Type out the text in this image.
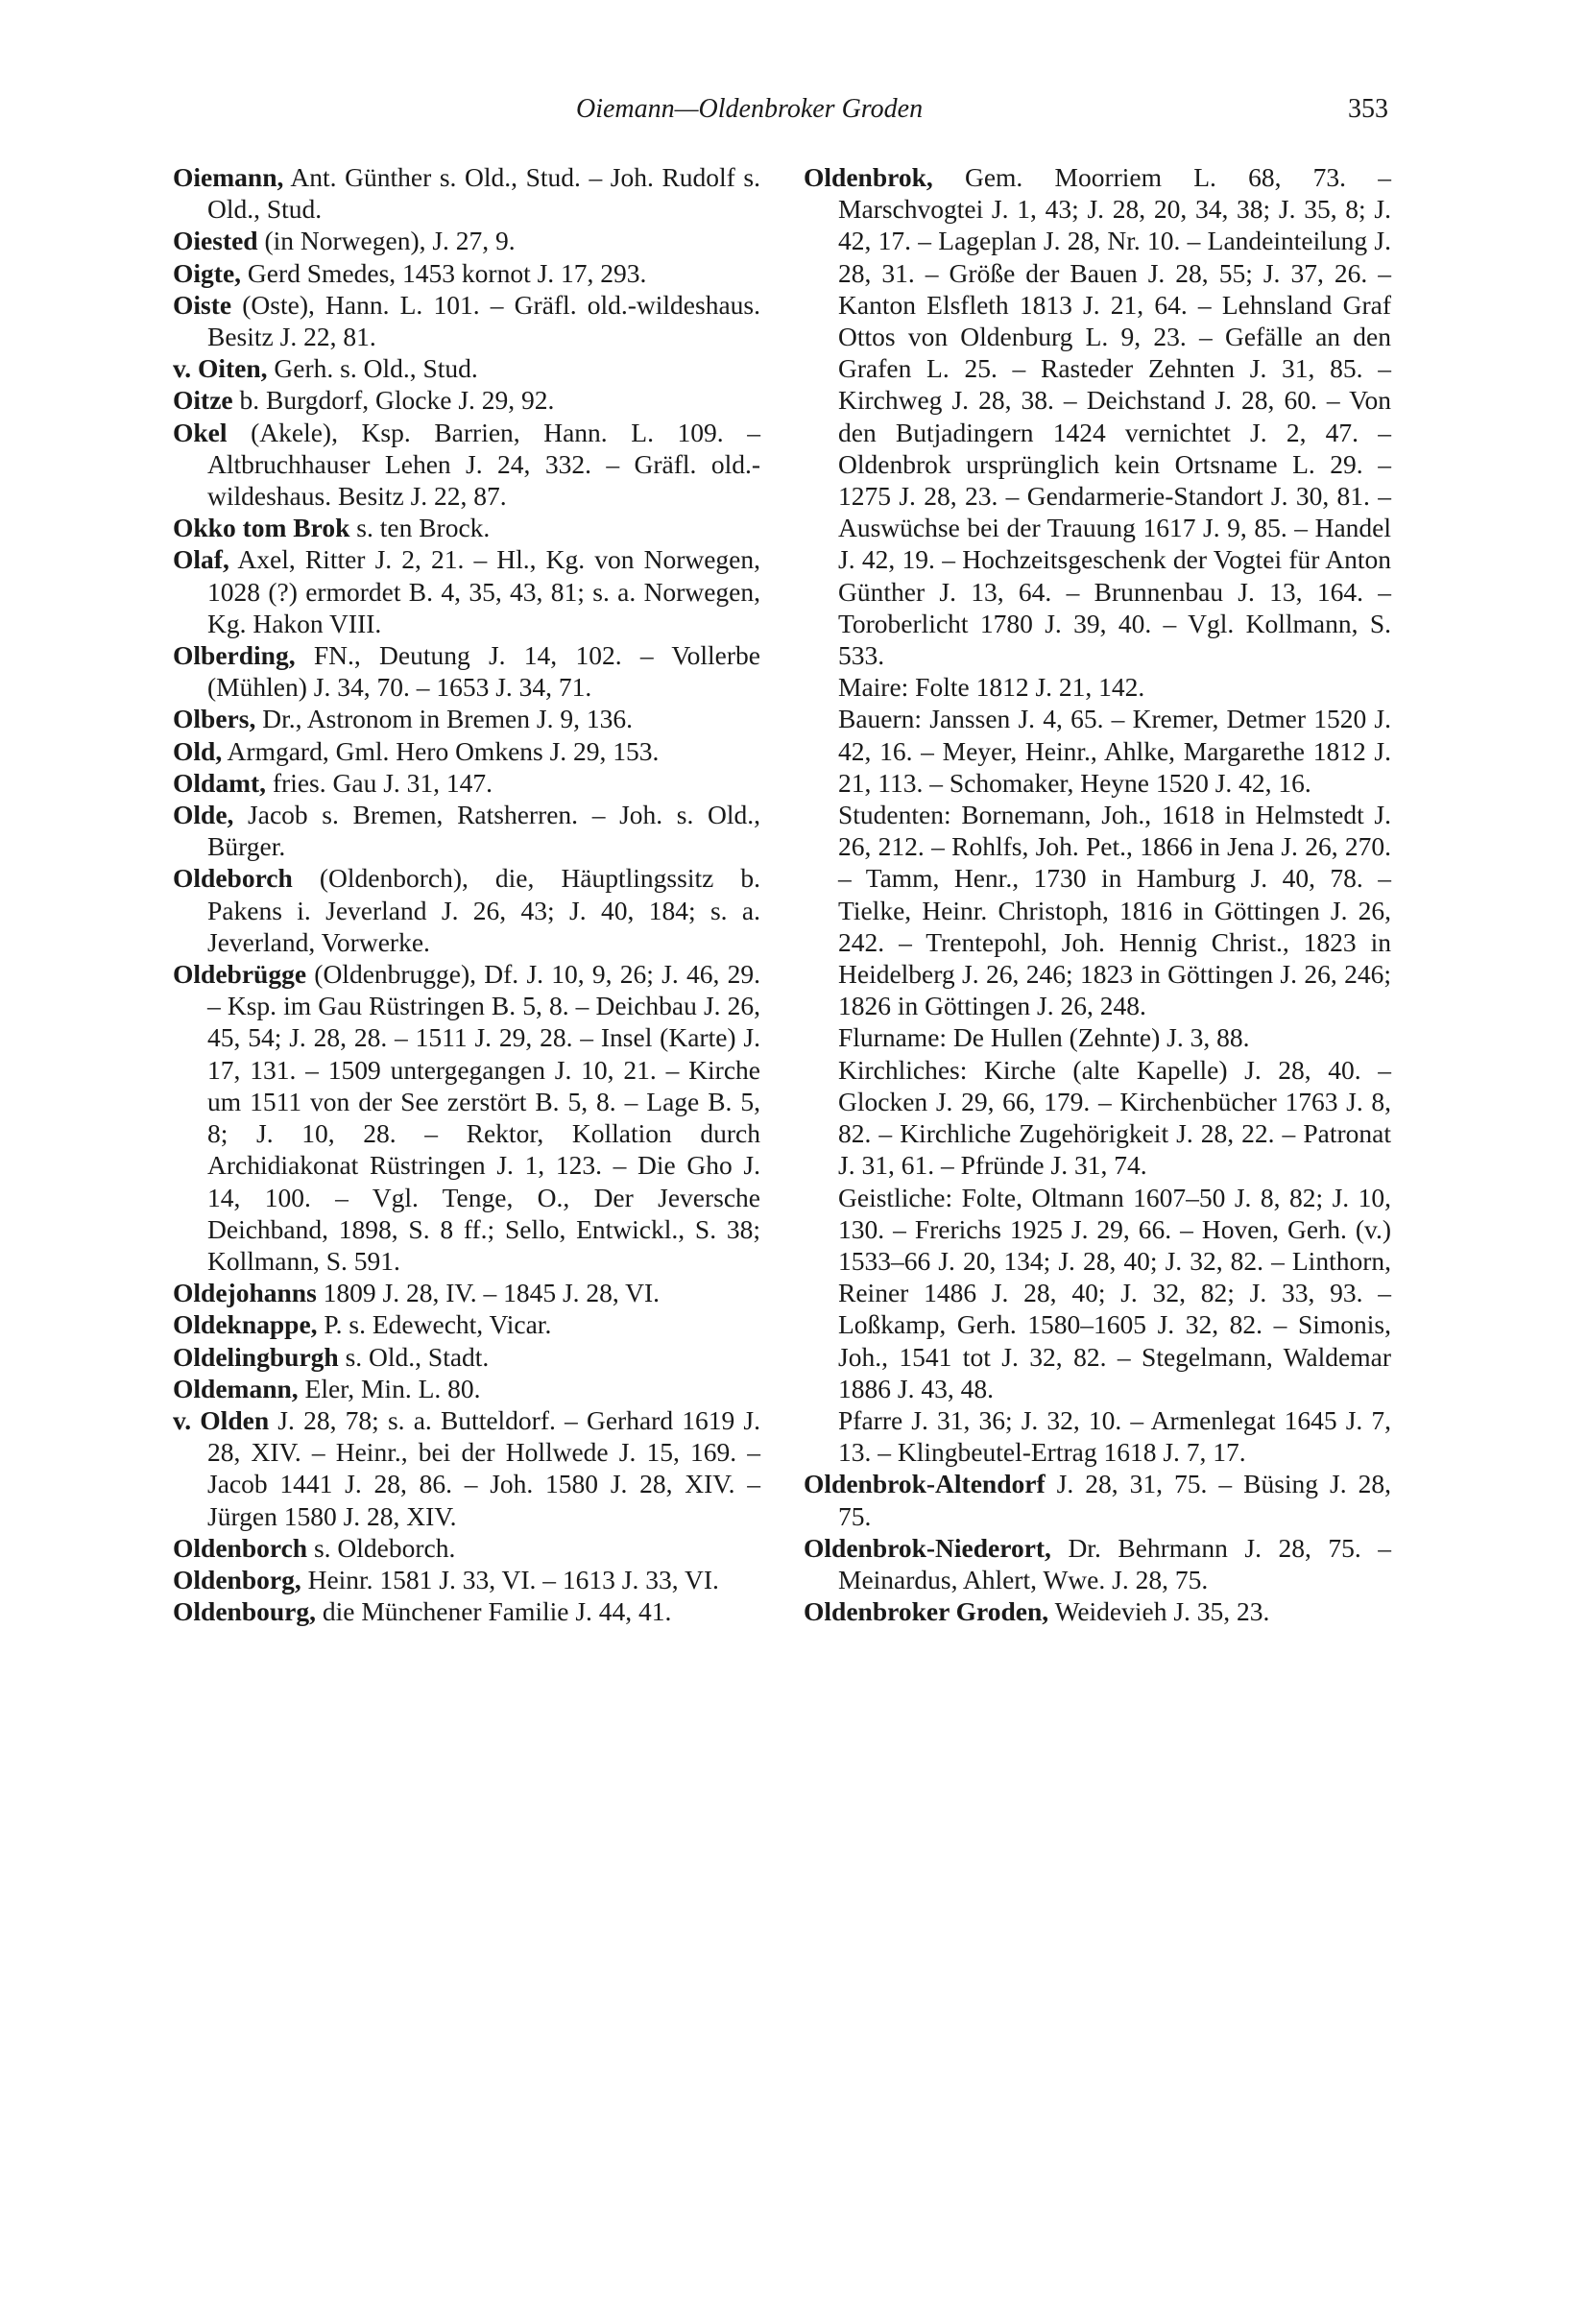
Oiemann—Oldenbroker Groden	353

Oiemann, Ant. Günther s. Old., Stud. – Joh. Rudolf s. Old., Stud.

Oiested (in Norwegen), J. 27, 9.

Oigte, Gerd Smedes, 1453 kornot J. 17, 293.

Oiste (Oste), Hann. L. 101. – Gräfl. old.-wildeshaus. Besitz J. 22, 81.

v. Oiten, Gerh. s. Old., Stud.

Oitze b. Burgdorf, Glocke J. 29, 92.

Okel (Akele), Ksp. Barrien, Hann. L. 109. – Altbruchhauser Lehen J. 24, 332. – Gräfl. old.-wildeshaus. Besitz J. 22, 87.

Okko tom Brok s. ten Brock.

Olaf, Axel, Ritter J. 2, 21. – Hl., Kg. von Norwegen, 1028 (?) ermordet B. 4, 35, 43, 81; s. a. Norwegen, Kg. Hakon VIII.

Olberding, FN., Deutung J. 14, 102. – Vollerbe (Mühlen) J. 34, 70. – 1653 J. 34, 71.

Olbers, Dr., Astronom in Bremen J. 9, 136.

Old, Armgard, Gml. Hero Omkens J. 29, 153.

Oldamt, fries. Gau J. 31, 147.

Olde, Jacob s. Bremen, Ratsherren. – Joh. s. Old., Bürger.

Oldeborch (Oldenborch), die, Häuptlingssitz b. Pakens i. Jeverland J. 26, 43; J. 40, 184; s. a. Jeverland, Vorwerke.

Oldebrügge (Oldenbrugge), Df. J. 10, 9, 26; J. 46, 29. – Ksp. im Gau Rüstringen B. 5, 8. – Deichbau J. 26, 45, 54; J. 28, 28. – 1511 J. 29, 28. – Insel (Karte) J. 17, 131. – 1509 untergegangen J. 10, 21. – Kirche um 1511 von der See zerstört B. 5, 8. – Lage B. 5, 8; J. 10, 28. – Rektor, Kollation durch Archidiakonat Rüstringen J. 1, 123. – Die Gho J. 14, 100. – Vgl. Tenge, O., Der Jeversche Deichband, 1898, S. 8 ff.; Sello, Entwickl., S. 38; Kollmann, S. 591.

Oldejohanns 1809 J. 28, IV. – 1845 J. 28, VI.

Oldeknappe, P. s. Edewecht, Vicar.

Oldelingburgh s. Old., Stadt.

Oldemann, Eler, Min. L. 80.

v. Olden J. 28, 78; s. a. Butteldorf. – Gerhard 1619 J. 28, XIV. – Heinr., bei der Hollwede J. 15, 169. – Jacob 1441 J. 28, 86. – Joh. 1580 J. 28, XIV. – Jürgen 1580 J. 28, XIV.

Oldenborch s. Oldeborch.

Oldenborg, Heinr. 1581 J. 33, VI. – 1613 J. 33, VI.

Oldenbourg, die Münchener Familie J. 44, 41.

Oldenbrok, Gem. Moorriem L. 68, 73. – Marschvogtei J. 1, 43; J. 28, 20, 34, 38; J. 35, 8; J. 42, 17. – Lageplan J. 28, Nr. 10. – Landeinteilung J. 28, 31. – Größe der Bauen J. 28, 55; J. 37, 26. – Kanton Elsfleth 1813 J. 21, 64. – Lehnsland Graf Ottos von Oldenburg L. 9, 23. – Gefälle an den Grafen L. 25. – Rasteder Zehnten J. 31, 85. – Kirchweg J. 28, 38. – Deichstand J. 28, 60. – Von den Butjadingern 1424 vernichtet J. 2, 47. – Oldenbrok ursprünglich kein Ortsname L. 29. – 1275 J. 28, 23. – Gendarmerie-Standort J. 30, 81. – Auswüchse bei der Trauung 1617 J. 9, 85. – Handel J. 42, 19. – Hochzeitsgeschenk der Vogtei für Anton Günther J. 13, 64. – Brunnenbau J. 13, 164. – Toroberlicht 1780 J. 39, 40. – Vgl. Kollmann, S. 533.

Maire: Folte 1812 J. 21, 142.

Bauern: Janssen J. 4, 65. – Kremer, Detmer 1520 J. 42, 16. – Meyer, Heinr., Ahlke, Margarethe 1812 J. 21, 113. – Schomaker, Heyne 1520 J. 42, 16.

Studenten: Bornemann, Joh., 1618 in Helmstedt J. 26, 212. – Rohlfs, Joh. Pet., 1866 in Jena J. 26, 270. – Tamm, Henr., 1730 in Hamburg J. 40, 78. – Tielke, Heinr. Christoph, 1816 in Göttingen J. 26, 242. – Trentepohl, Joh. Hennig Christ., 1823 in Heidelberg J. 26, 246; 1823 in Göttingen J. 26, 246; 1826 in Göttingen J. 26, 248.

Flurname: De Hullen (Zehnte) J. 3, 88.

Kirchliches: Kirche (alte Kapelle) J. 28, 40. – Glocken J. 29, 66, 179. – Kirchenbücher 1763 J. 8, 82. – Kirchliche Zugehörigkeit J. 28, 22. – Patronat J. 31, 61. – Pfründe J. 31, 74.

Geistliche: Folte, Oltmann 1607–50 J. 8, 82; J. 10, 130. – Frerichs 1925 J. 29, 66. – Hoven, Gerh. (v.) 1533–66 J. 20, 134; J. 28, 40; J. 32, 82. – Linthorn, Reiner 1486 J. 28, 40; J. 32, 82; J. 33, 93. – Loßkamp, Gerh. 1580–1605 J. 32, 82. – Simonis, Joh., 1541 tot J. 32, 82. – Stegelmann, Waldemar 1886 J. 43, 48.

Pfarre J. 31, 36; J. 32, 10. – Armenlegat 1645 J. 7, 13. – Klingbeutel-Ertrag 1618 J. 7, 17.

Oldenbrok-Altendorf J. 28, 31, 75. – Büsing J. 28, 75.

Oldenbrok-Niederort, Dr. Behrmann J. 28, 75. – Meinardus, Ahlert, Wwe. J. 28, 75.

Oldenbroker Groden, Weidevieh J. 35, 23.
